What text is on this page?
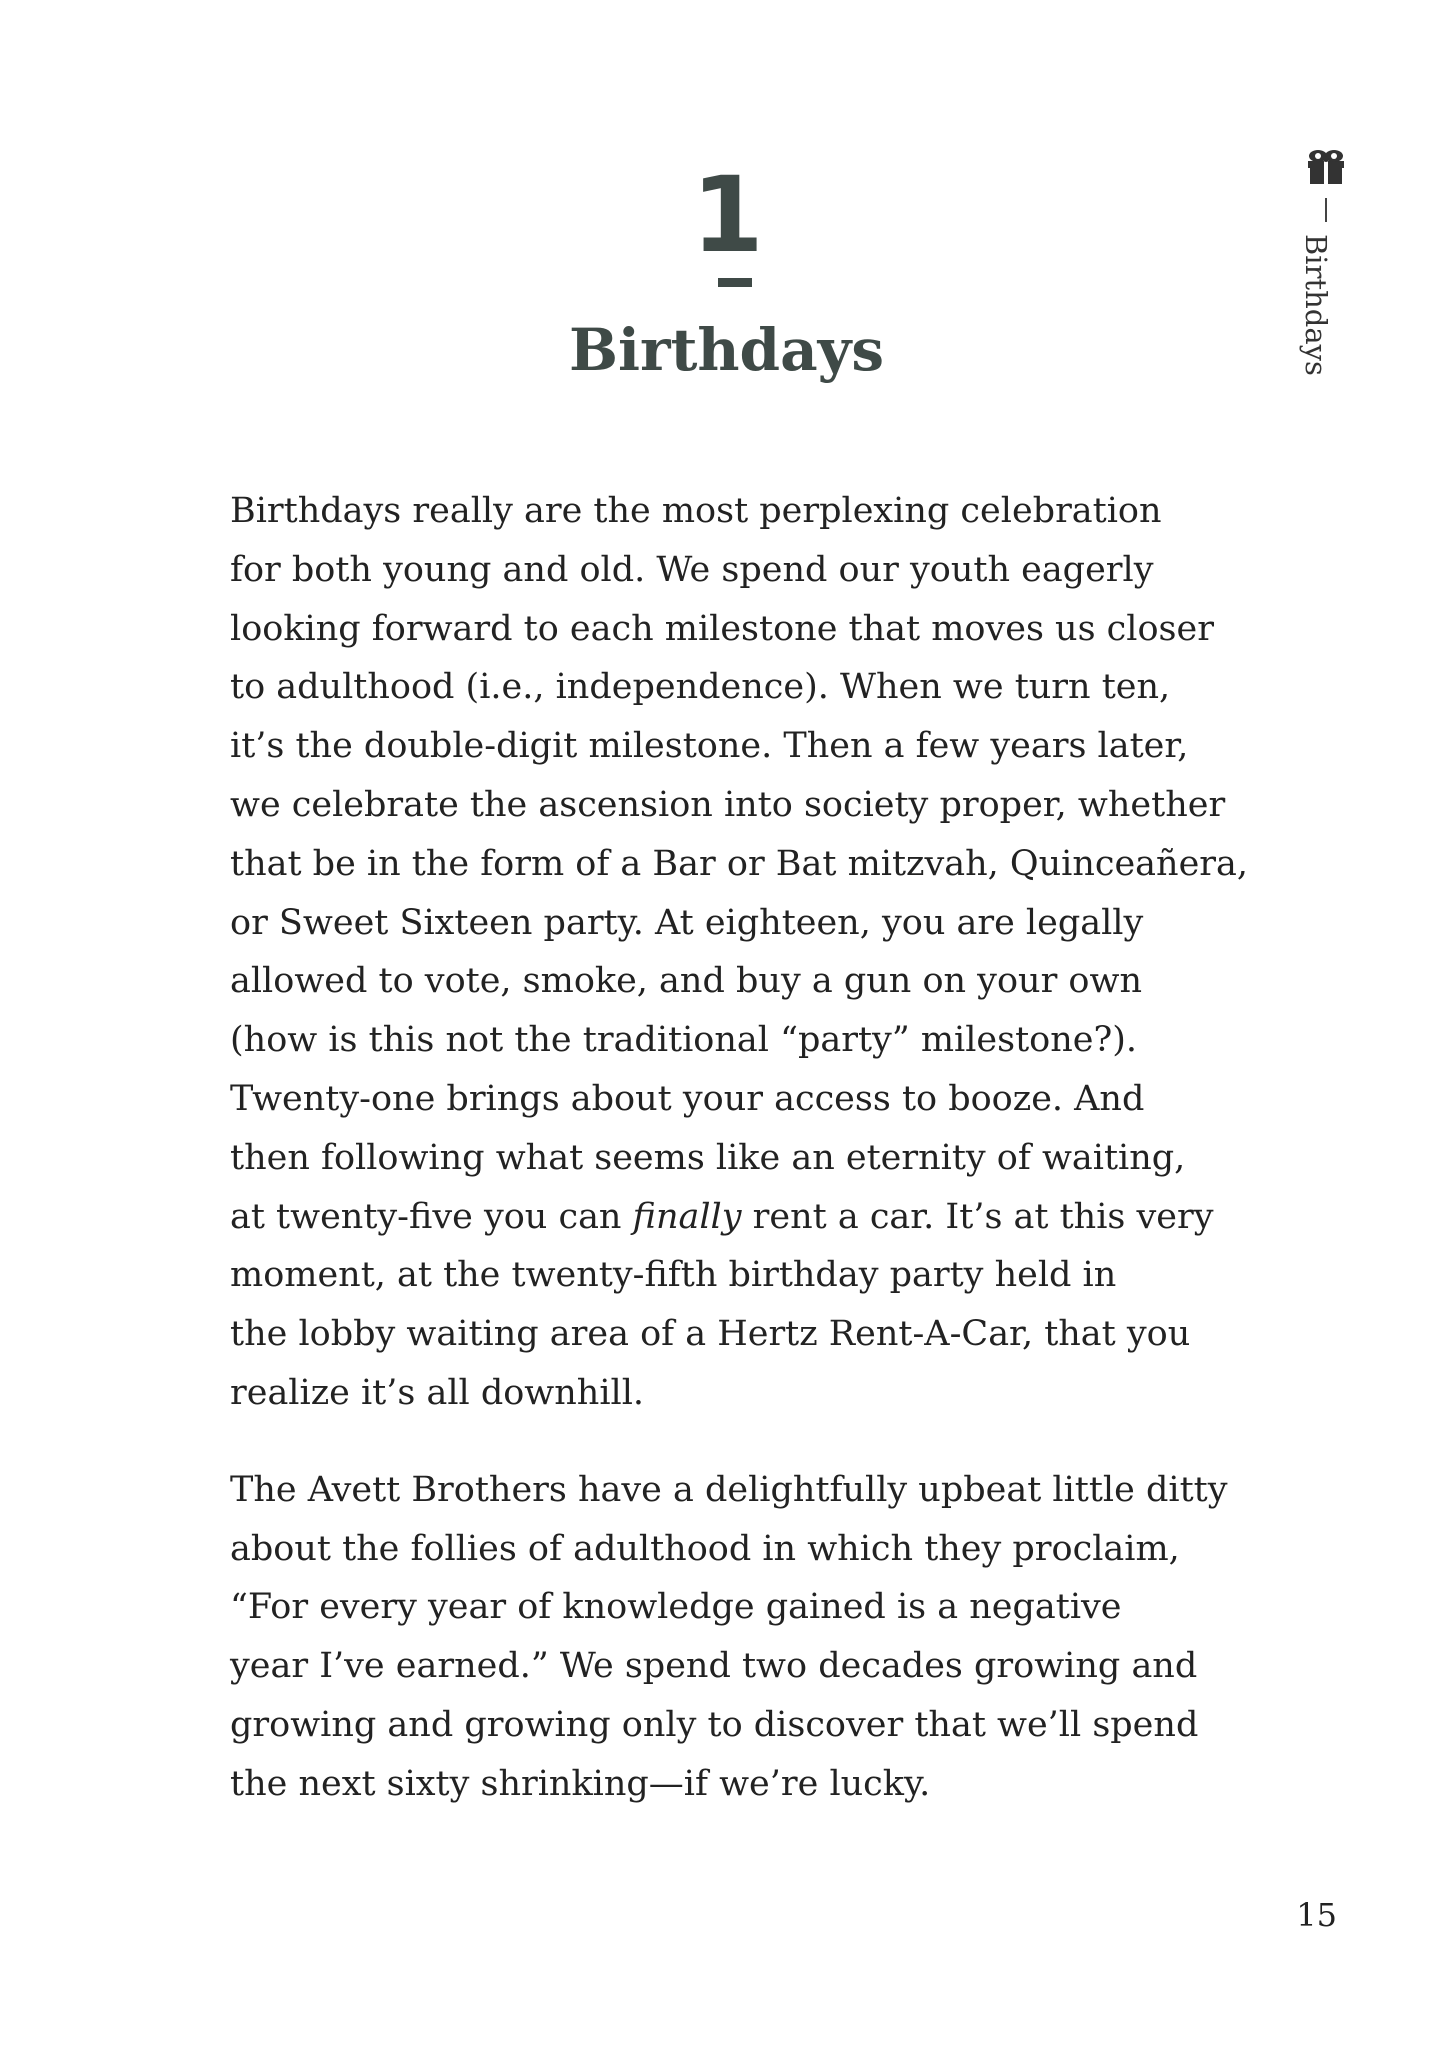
1
Birthdays	Birthdays
Birthdays really are the most perplexing celebration
for both young and old. We spend our youth eagerly
looking forward to each milestone that moves us closer
to adulthood (i.e., independence). When we turn ten,
it’s the double-digit milestone. Then a few years later,
we celebrate the ascension into society proper, whether
that be in the form of a Bar or Bat mitzvah, Quinceañera,
or Sweet Sixteen party. At eighteen, you are legally
allowed to vote, smoke, and buy a gun on your own
(how is this not the traditional “party” milestone?).
Twenty-one brings about your access to booze. And
then following what seems like an eternity of waiting,
at twenty-five you can finally rent a car. It’s at this very
moment, at the twenty-fifth birthday party held in
the lobby waiting area of a Hertz Rent-A-Car, that you
realize it’s all downhill.
The Avett Brothers have a delightfully upbeat little ditty
about the follies of adulthood in which they proclaim,
“For every year of knowledge gained is a negative
year I’ve earned.” We spend two decades growing and
growing and growing only to discover that we’ll spend
the next sixty shrinking—if we’re lucky.
15
